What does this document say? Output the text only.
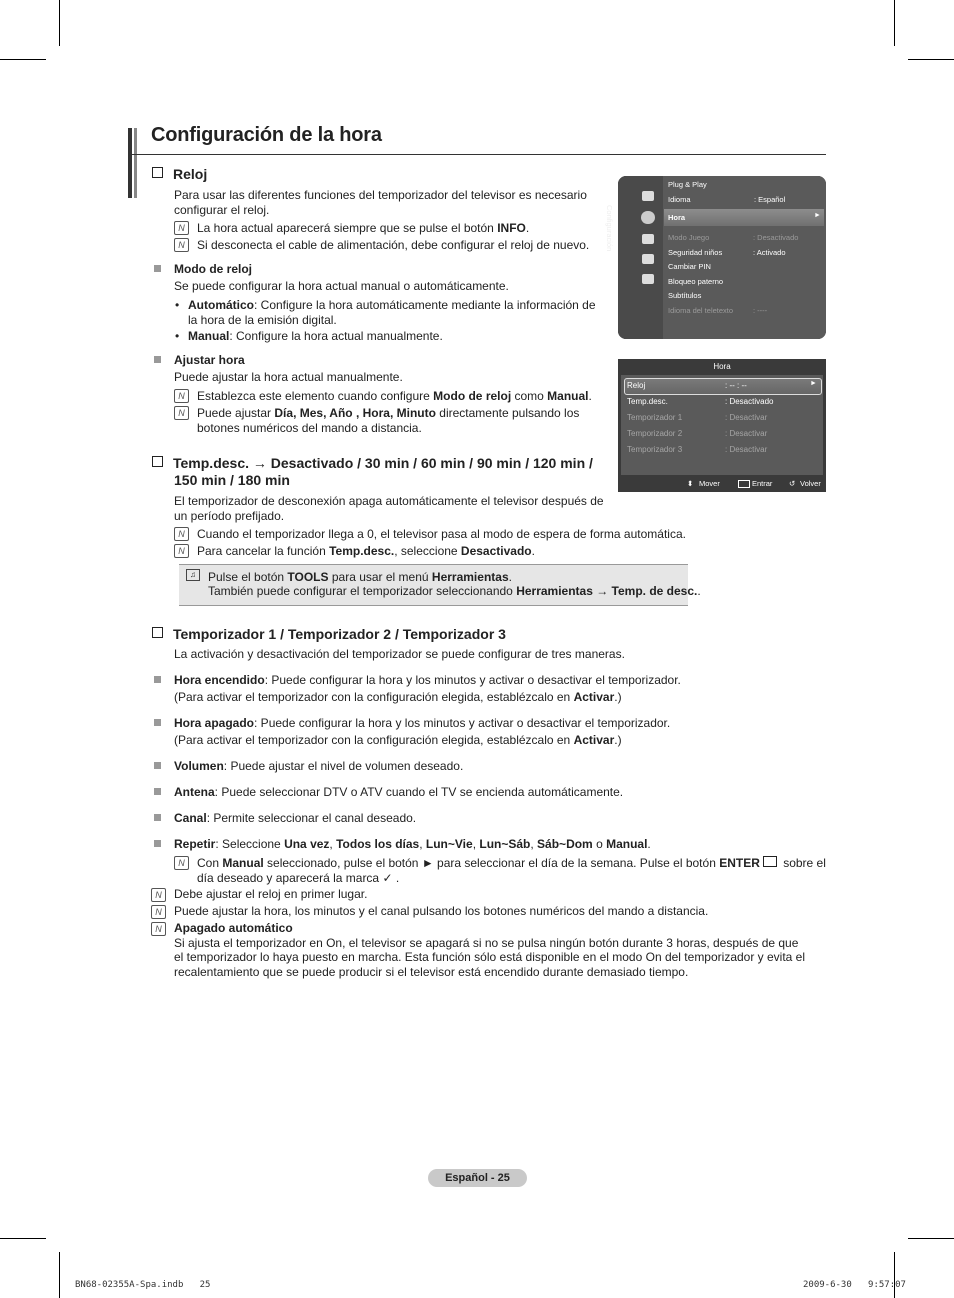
Configuración de la hora
Reloj
Para usar las diferentes funciones del temporizador del televisor es necesario configurar el reloj.
N
La hora actual aparecerá siempre que se pulse el botón INFO.
N
Si desconecta el cable de alimentación, debe configurar el reloj de nuevo.
Modo de reloj
Se puede configurar la hora actual manual o automáticamente.
• Automático: Configure la hora automáticamente mediante la información de la hora de la emisión digital.
• Manual: Configure la hora actual manualmente.
Ajustar hora
Puede ajustar la hora actual manualmente.
N
Establezca este elemento cuando configure Modo de reloj como Manual.
N
Puede ajustar Día, Mes, Año , Hora, Minuto directamente pulsando los botones numéricos del mando a distancia.
Configuración
Plug & Play
Idioma	: Español
Hora	►
Modo Juego	: Desactivado
Seguridad niños	: Activado
Cambiar PIN
Bloqueo paterno
Subtítulos
Idioma del teletexto	: ----
Hora
Reloj	: -- : --	►
Temp.desc.	: Desactivado
Temporizador 1	: Desactivar
Temporizador 2	: Desactivar
Temporizador 3	: Desactivar
⬍ Mover	Entrar ↺ Volver
Temp.desc. → Desactivado / 30 min / 60 min / 90 min / 120 min /
150 min / 180 min
El temporizador de desconexión apaga automáticamente el televisor después de un período prefijado.
N
Cuando el temporizador llega a 0, el televisor pasa al modo de espera de forma automática.
N
Para cancelar la función Temp.desc., seleccione Desactivado.
♫	Pulse el botón TOOLS para usar el menú Herramientas.
También puede configurar el temporizador seleccionando Herramientas → Temp. de desc..
Temporizador 1 / Temporizador 2 / Temporizador 3
La activación y desactivación del temporizador se puede configurar de tres maneras.
Hora encendido: Puede configurar la hora y los minutos y activar o desactivar el temporizador.
(Para activar el temporizador con la configuración elegida, establézcalo en Activar.)
Hora apagado: Puede configurar la hora y los minutos y activar o desactivar el temporizador.
(Para activar el temporizador con la configuración elegida, establézcalo en Activar.)
Volumen: Puede ajustar el nivel de volumen deseado.
Antena: Puede seleccionar DTV o ATV cuando el TV se encienda automáticamente.
Canal: Permite seleccionar el canal deseado.
Repetir: Seleccione Una vez, Todos los días, Lun~Vie, Lun~Sáb, Sáb~Dom o Manual.
N
Con Manual seleccionado, pulse el botón ► para seleccionar el día de la semana. Pulse el botón ENTER sobre el
día deseado y aparecerá la marca ✓ .
N
Debe ajustar el reloj en primer lugar.
N
Puede ajustar la hora, los minutos y el canal pulsando los botones numéricos del mando a distancia.
N
Apagado automático
Si ajusta el temporizador en On, el televisor se apagará si no se pulsa ningún botón durante 3 horas, después de que
el temporizador lo haya puesto en marcha. Esta función sólo está disponible en el modo On del temporizador y evita el
recalentamiento que se puede producir si el televisor está encendido durante demasiado tiempo.
Español - 25
BN68-02355A-Spa.indb   25	2009-6-30   9:57:07
